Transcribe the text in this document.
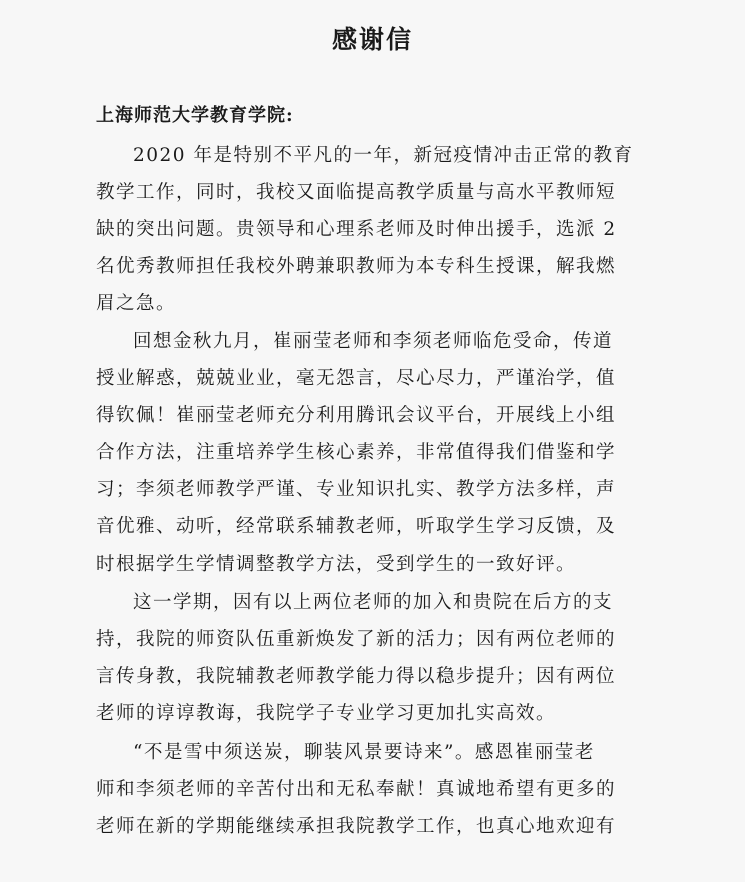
感谢信
上海师范大学教育学院:
2020 年是特别不平凡的一年，新冠疫情冲击正常的教育
教学工作，同时，我校又面临提高教学质量与高水平教师短
缺的突出问题。贵领导和心理系老师及时伸出援手，选派 2
名优秀教师担任我校外聘兼职教师为本专科生授课，解我燃
眉之急。
回想金秋九月，崔丽莹老师和李须老师临危受命，传道
授业解惑，兢兢业业，毫无怨言，尽心尽力，严谨治学，值
得钦佩！崔丽莹老师充分利用腾讯会议平台，开展线上小组
合作方法，注重培养学生核心素养，非常值得我们借鉴和学
习；李须老师教学严谨、专业知识扎实、教学方法多样，声
音优雅、动听，经常联系辅教老师，听取学生学习反馈，及
时根据学生学情调整教学方法，受到学生的一致好评。
这一学期，因有以上两位老师的加入和贵院在后方的支
持，我院的师资队伍重新焕发了新的活力；因有两位老师的
言传身教，我院辅教老师教学能力得以稳步提升；因有两位
老师的谆谆教诲，我院学子专业学习更加扎实高效。
“不是雪中须送炭，聊装风景要诗来”。感恩崔丽莹老
师和李须老师的辛苦付出和无私奉献！真诚地希望有更多的
老师在新的学期能继续承担我院教学工作，也真心地欢迎有
